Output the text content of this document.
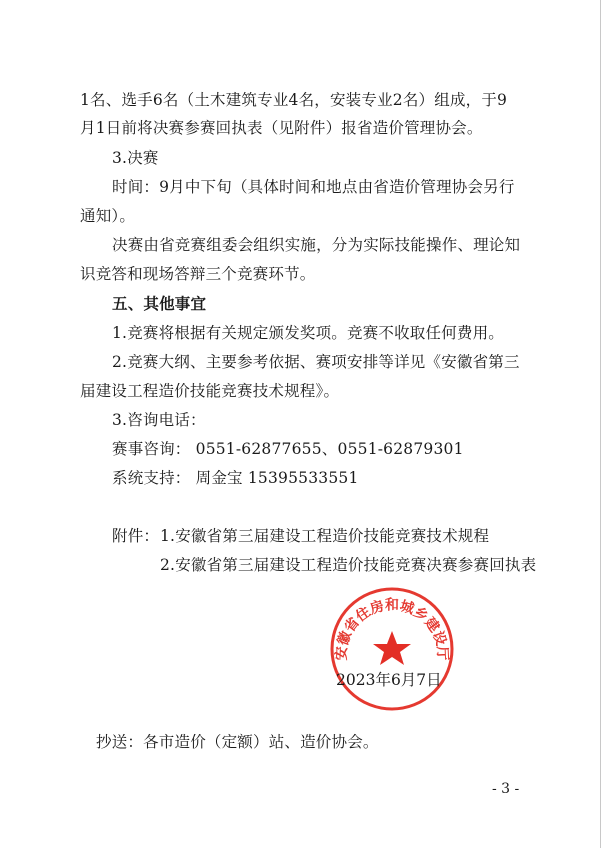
1名、选手6名（土木建筑专业4名，安装专业2名）组成，于9
月1日前将决赛参赛回执表（见附件）报省造价管理协会。
3.决赛
时间：9月中下旬（具体时间和地点由省造价管理协会另行
通知）。
决赛由省竞赛组委会组织实施，分为实际技能操作、理论知
识竞答和现场答辩三个竞赛环节。
五、其他事宜
1.竞赛将根据有关规定颁发奖项。竞赛不收取任何费用。
2.竞赛大纲、主要参考依据、赛项安排等详见《安徽省第三
届建设工程造价技能竞赛技术规程》。
3.咨询电话：
赛事咨询： 0551-62877655、0551-62879301
系统支持： 周金宝 15395533551
附件： 1.安徽省第三届建设工程造价技能竞赛技术规程
2.安徽省第三届建设工程造价技能竞赛决赛参赛回执表
安徽省住房和城乡建设厅
2023年6月7日
抄送：各市造价（定额）站、造价协会。
- 3 -
